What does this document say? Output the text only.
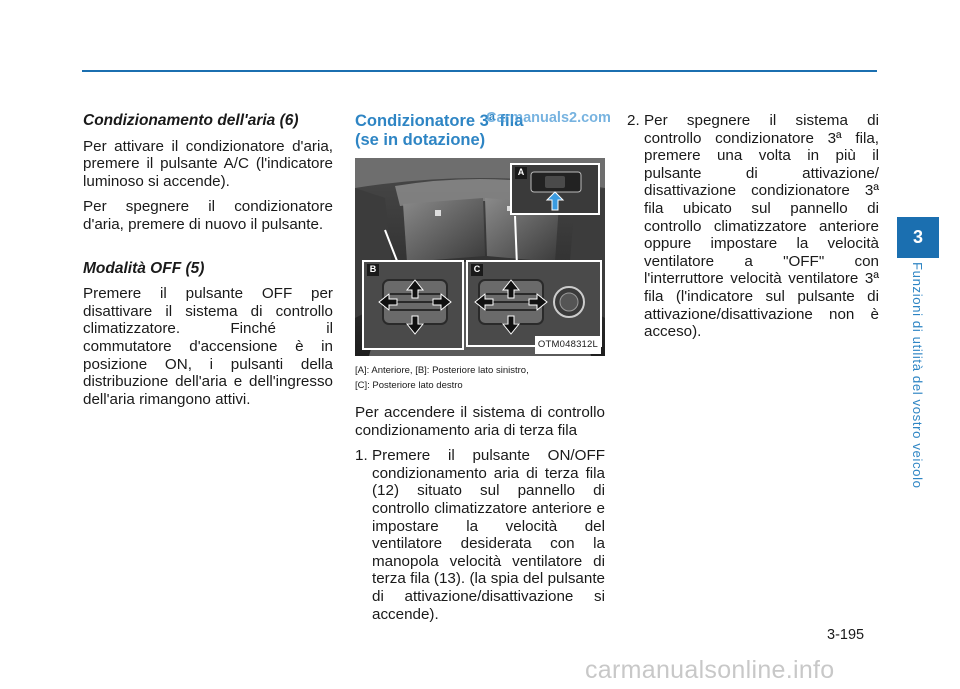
Condizionamento dell'aria (6)

Per attivare il condizionatore d'aria, premere il pulsante A/C (l'indicatore luminoso si accende).

Per spegnere il condizionatore d'aria, premere di nuovo il pulsante.

Modalità OFF (5)

Premere il pulsante OFF per disattivare il sistema di controllo climatizzatore. Finché il commutatore d'accensione è in posizione ON, i pulsanti della distribuzione dell'aria e dell'ingresso dell'aria rimangono attivi.

Condizionatore 3ª fila
(se in dotazione)
A
B	C
OTM048312L
[A]: Anteriore, [B]: Posteriore lato sinistro,
[C]: Posteriore lato destro

Per accendere il sistema di controllo condizionamento aria di terza fila

1. Premere il pulsante ON/OFF condizionamento aria di terza fila (12) situato sul pannello di controllo climatizzatore anteriore e impostare la velocità del ventilatore desiderata con la manopola velocità ventilatore di terza fila (13). (la spia del pulsante di attivazione/disattivazione si accende).
2. Per spegnere il sistema di controllo condizionatore 3ª fila, premere una volta in più il pulsante di attivazione/ disattivazione condizionatore 3ª fila ubicato sul pannello di controllo climatizzatore anteriore oppure impostare la velocità ventilatore a "OFF" con l'interruttore velocità ventilatore 3ª fila (l'indicatore sul pulsante di attivazione/disattivazione non è acceso).
Carmanuals2.com
3
Funzioni di utilità del vostro veicolo
3-195
carmanualsonline.info
